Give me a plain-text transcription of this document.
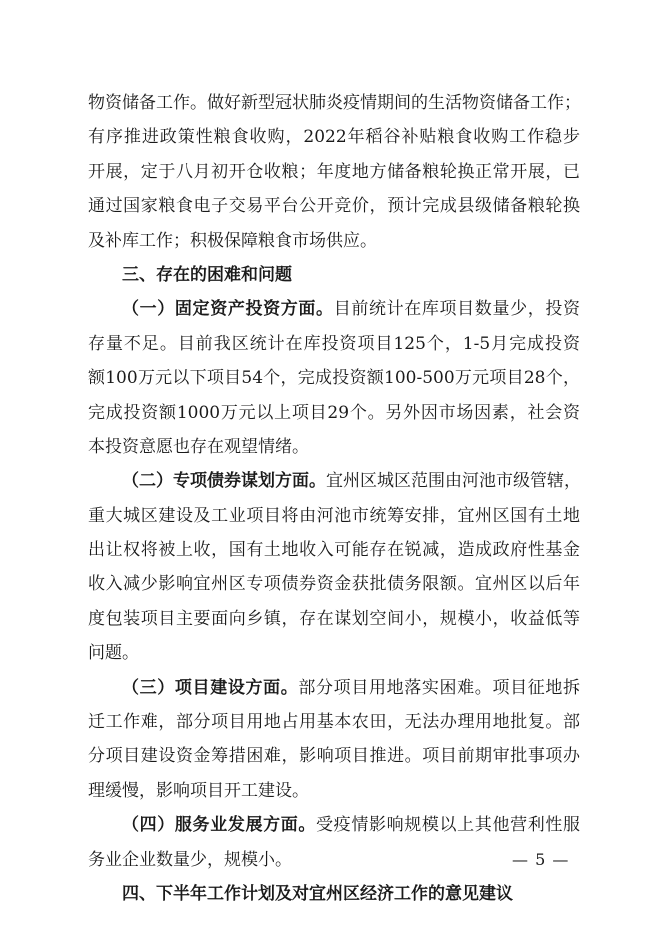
物资储备工作。做好新型冠状肺炎疫情期间的生活物资储备工作；
有序推进政策性粮食收购，2022年稻谷补贴粮食收购工作稳步
开展，定于八月初开仓收粮；年度地方储备粮轮换正常开展，已
通过国家粮食电子交易平台公开竞价，预计完成县级储备粮轮换
及补库工作；积极保障粮食市场供应。
三、存在的困难和问题
（一）固定资产投资方面。目前统计在库项目数量少，投资
存量不足。目前我区统计在库投资项目125个，1-5月完成投资
额100万元以下项目54个，完成投资额100-500万元项目28个，
完成投资额1000万元以上项目29个。另外因市场因素，社会资
本投资意愿也存在观望情绪。
（二）专项债券谋划方面。宜州区城区范围由河池市级管辖，
重大城区建设及工业项目将由河池市统筹安排，宜州区国有土地
出让权将被上收，国有土地收入可能存在锐减，造成政府性基金
收入减少影响宜州区专项债券资金获批债务限额。宜州区以后年
度包装项目主要面向乡镇，存在谋划空间小，规模小，收益低等
问题。
（三）项目建设方面。部分项目用地落实困难。项目征地拆
迁工作难，部分项目用地占用基本农田，无法办理用地批复。部
分项目建设资金筹措困难，影响项目推进。项目前期审批事项办
理缓慢，影响项目开工建设。
（四）服务业发展方面。受疫情影响规模以上其他营利性服
务业企业数量少，规模小。
四、下半年工作计划及对宜州区经济工作的意见建议
— 5 —
